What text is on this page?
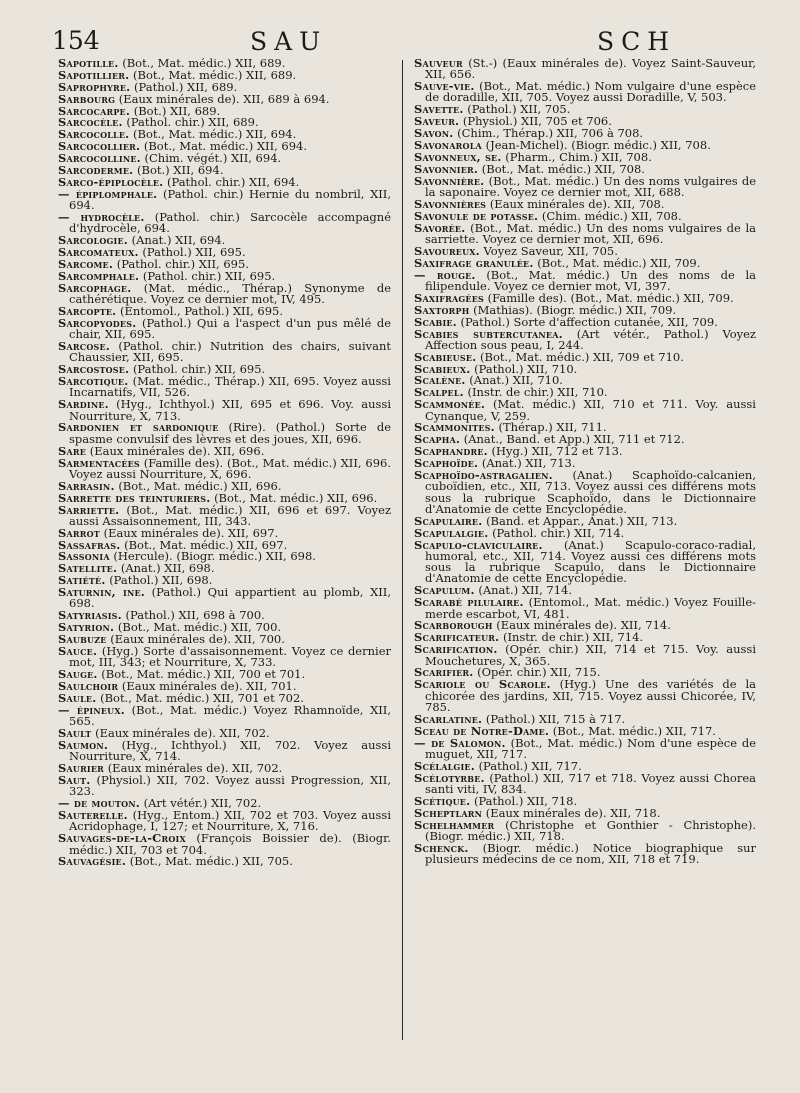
154	SAU	SCH
Sapotille. (Bot., Mat. médic.) XII, 689.
Sapotillier. (Bot., Mat. médic.) XII, 689.
Saprophyre. (Pathol.) XII, 689.
Sarbourg (Eaux minérales de). XII, 689 à 694.
Sarcocarpe. (Bot.) XII, 689.
Sarcocèle. (Pathol. chir.) XII, 689.
Sarcocolle. (Bot., Mat. médic.) XII, 694.
Sarcocollier. (Bot., Mat. médic.) XII, 694.
Sarcocolline. (Chim. végét.) XII, 694.
Sarcoderme. (Bot.) XII, 694.
Sarco-épiplocèle. (Pathol. chir.) XII, 694.
— épiplomphale. (Pathol. chir.) Hernie du nombril, XII, 694.
— hydrocèle. (Pathol. chir.) Sarcocèle accompagné d'hydrocèle, 694.
Sarcologie. (Anat.) XII, 694.
Sarcomateux. (Pathol.) XII, 695.
Sarcome. (Pathol. chir.) XII, 695.
Sarcomphale. (Pathol. chir.) XII, 695.
Sarcophage. (Mat. médic., Thérap.) Synonyme de cathérétique. Voyez ce dernier mot, IV, 495.
Sarcopte. (Entomol., Pathol.) XII, 695.
Sarcopyodes. (Pathol.) Qui a l'aspect d'un pus mêlé de chair, XII, 695.
Sarcose. (Pathol. chir.) Nutrition des chairs, suivant Chaussier, XII, 695.
Sarcostose. (Pathol. chir.) XII, 695.
Sarcotique. (Mat. médic., Thérap.) XII, 695. Voyez aussi Incarnatifs, VII, 526.
Sardine. (Hyg., Ichthyol.) XII, 695 et 696. Voy. aussi Nourriture, X, 713.
Sardonien et sardonique (Rire). (Pathol.) Sorte de spasme convulsif des lèvres et des joues, XII, 696.
Sare (Eaux minérales de). XII, 696.
Sarmentacées (Famille des). (Bot., Mat. médic.) XII, 696. Voyez aussi Nourriture, X, 696.
Sarrasin. (Bot., Mat. médic.) XII, 696.
Sarrette des teinturiers. (Bot., Mat. médic.) XII, 696.
Sarriette. (Bot., Mat. médic.) XII, 696 et 697. Voyez aussi Assaisonnement, III, 343.
Sarrot (Eaux minérales de). XII, 697.
Sassafras. (Bot., Mat. médic.) XII, 697.
Sassonia (Hercule). (Biogr. médic.) XII, 698.
Satellite. (Anat.) XII, 698.
Satiété. (Pathol.) XII, 698.
Saturnin, ine. (Pathol.) Qui appartient au plomb, XII, 698.
Satyriasis. (Pathol.) XII, 698 à 700.
Satyrion. (Bot., Mat. médic.) XII, 700.
Saubuze (Eaux minérales de). XII, 700.
Sauce. (Hyg.) Sorte d'assaisonnement. Voyez ce dernier mot, III, 343; et Nourriture, X, 733.
Sauge. (Bot., Mat. médic.) XII, 700 et 701.
Saulchoir (Eaux minérales de). XII, 701.
Saule. (Bot., Mat. médic.) XII, 701 et 702.
— épineux. (Bot., Mat. médic.) Voyez Rhamnoïde, XII, 565.
Sault (Eaux minérales de). XII, 702.
Saumon. (Hyg., Ichthyol.) XII, 702. Voyez aussi Nourriture, X, 714.
Saurier (Eaux minérales de). XII, 702.
Saut. (Physiol.) XII, 702. Voyez aussi Progression, XII, 323.
— de mouton. (Art vétér.) XII, 702.
Sauterelle. (Hyg., Entom.) XII, 702 et 703. Voyez aussi Acridophage, I, 127; et Nourriture, X, 716.
Sauvages-de-la-Croix (François Boissier de). (Biogr. médic.) XII, 703 et 704.
Sauvagésie. (Bot., Mat. médic.) XII, 705.
Sauveur (St.-) (Eaux minérales de). Voyez Saint-Sauveur, XII, 656.
Sauve-vie. (Bot., Mat. médic.) Nom vulgaire d'une espèce de doradille, XII, 705. Voyez aussi Doradille, V, 503.
Savette. (Pathol.) XII, 705.
Saveur. (Physiol.) XII, 705 et 706.
Savon. (Chim., Thérap.) XII, 706 à 708.
Savonarola (Jean-Michel). (Biogr. médic.) XII, 708.
Savonneux, se. (Pharm., Chim.) XII, 708.
Savonnier. (Bot., Mat. médic.) XII, 708.
Savonnière. (Bot., Mat. médic.) Un des noms vulgaires de la saponaire. Voyez ce dernier mot, XII, 688.
Savonnières (Eaux minérales de). XII, 708.
Savonule de potasse. (Chim. médic.) XII, 708.
Savorée. (Bot., Mat. médic.) Un des noms vulgaires de la sarriette. Voyez ce dernier mot, XII, 696.
Savoureux. Voyez Saveur, XII, 705.
Saxifrage granulée. (Bot., Mat. médic.) XII, 709.
— rouge. (Bot., Mat. médic.) Un des noms de la filipendule. Voyez ce dernier mot, VI, 397.
Saxifragées (Famille des). (Bot., Mat. médic.) XII, 709.
Saxtorph (Mathias). (Biogr. médic.) XII, 709.
Scabie. (Pathol.) Sorte d'affection cutanée, XII, 709.
Scabies subtercutanea. (Art vétér., Pathol.) Voyez Affection sous peau, I, 244.
Scabieuse. (Bot., Mat. médic.) XII, 709 et 710.
Scabieux. (Pathol.) XII, 710.
Scalène. (Anat.) XII, 710.
Scalpel. (Instr. de chir.) XII, 710.
Scammonée. (Mat. médic.) XII, 710 et 711. Voy. aussi Cynanque, V, 259.
Scammonites. (Thérap.) XII, 711.
Scapha. (Anat., Band. et App.) XII, 711 et 712.
Scaphandre. (Hyg.) XII, 712 et 713.
Scaphoïde. (Anat.) XII, 713.
Scaphoïdo-astragalien. (Anat.) Scaphoïdo-calcanien, cuboïdien, etc., XII, 713. Voyez aussi ces différens mots sous la rubrique Scaphoïdo, dans le Dictionnaire d'Anatomie de cette Encyclopédie.
Scapulaire. (Band. et Appar., Anat.) XII, 713.
Scapulalgie. (Pathol. chir.) XII, 714.
Scapulo-claviculaire. (Anat.) Scapulo-coraco-radial, humoral, etc., XII, 714. Voyez aussi ces différens mots sous la rubrique Scapulo, dans le Dictionnaire d'Anatomie de cette Encyclopédie.
Scapulum. (Anat.) XII, 714.
Scarabé pilulaire. (Entomol., Mat. médic.) Voyez Fouille-merde escarbot, VI, 481.
Scarborough (Eaux minérales de). XII, 714.
Scarificateur. (Instr. de chir.) XII, 714.
Scarification. (Opér. chir.) XII, 714 et 715. Voy. aussi Mouchetures, X, 365.
Scarifier. (Opér. chir.) XII, 715.
Scariole ou Scarole. (Hyg.) Une des variétés de la chicorée des jardins, XII, 715. Voyez aussi Chicorée, IV, 785.
Scarlatine. (Pathol.) XII, 715 à 717.
Sceau de Notre-Dame. (Bot., Mat. médic.) XII, 717.
— de Salomon. (Bot., Mat. médic.) Nom d'une espèce de muguet, XII, 717.
Scélalgie. (Pathol.) XII, 717.
Scélotyrbe. (Pathol.) XII, 717 et 718. Voyez aussi Chorea santi viti, IV, 834.
Scétique. (Pathol.) XII, 718.
Scheptlarn (Eaux minérales de). XII, 718.
Schelhammer (Christophe et Gonthier - Christophe). (Biogr. médic.) XII, 718.
Schenck. (Biogr. médic.) Notice biographique sur plusieurs médecins de ce nom, XII, 718 et 719.
